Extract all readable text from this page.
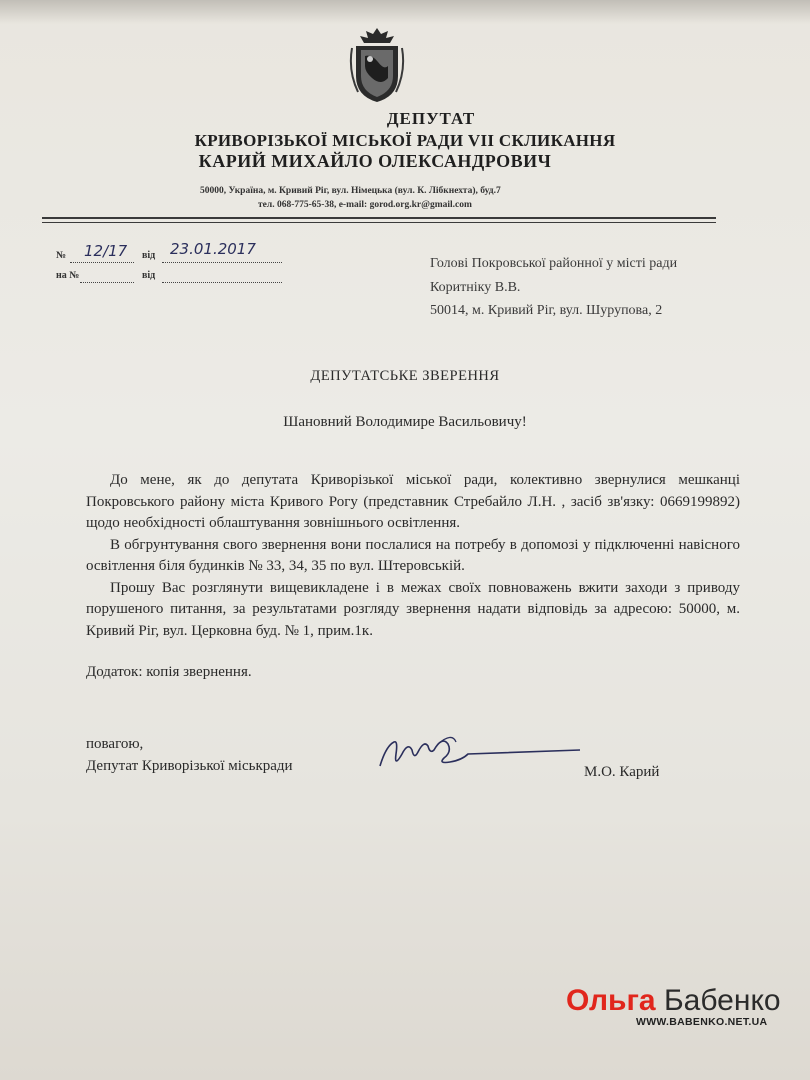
ДЕПУТАТ
КРИВОРІЗЬКОЇ МІСЬКОЇ РАДИ VII СКЛИКАННЯ
КАРИЙ МИХАЙЛО ОЛЕКСАНДРОВИЧ
50000, Україна, м. Кривий Ріг, вул. Німецька (вул. К. Лібкнехта), буд.7
тел. 068-775-65-38, e-mail: gorod.org.kr@gmail.com
№ 12/17 від 23.01.2017
на №	від
Голові Покровської районної у місті ради
Коритніку В.В.
50014, м. Кривий Ріг, вул. Шурупова, 2
ДЕПУТАТСЬКЕ ЗВЕРЕННЯ
Шановний Володимире Васильовичу!

До мене, як до депутата Криворізької міської ради, колективно звернулися мешканці Покровського району міста Кривого Рогу (представник Стребайло Л.Н. , засіб зв'язку: 0669199892) щодо необхідності облаштування зовнішнього освітлення.

В обгрунтування свого звернення вони послалися на потребу в допомозі у підключенні навісного освітлення біля будинків № 33, 34, 35 по вул. Штеровській.

Прошу Вас розглянути вищевикладене і в межах своїх повноважень вжити заходи з приводу порушеного питання, за результатами розгляду звернення надати відповідь за адресою: 50000, м. Кривий Ріг, вул. Церковна буд. № 1, прим.1к.

Додаток: копія звернення.
повагою,
Депутат Криворізької міськради	М.О. Карий
Ольга Бабенко
WWW.BABENKO.NET.UA
